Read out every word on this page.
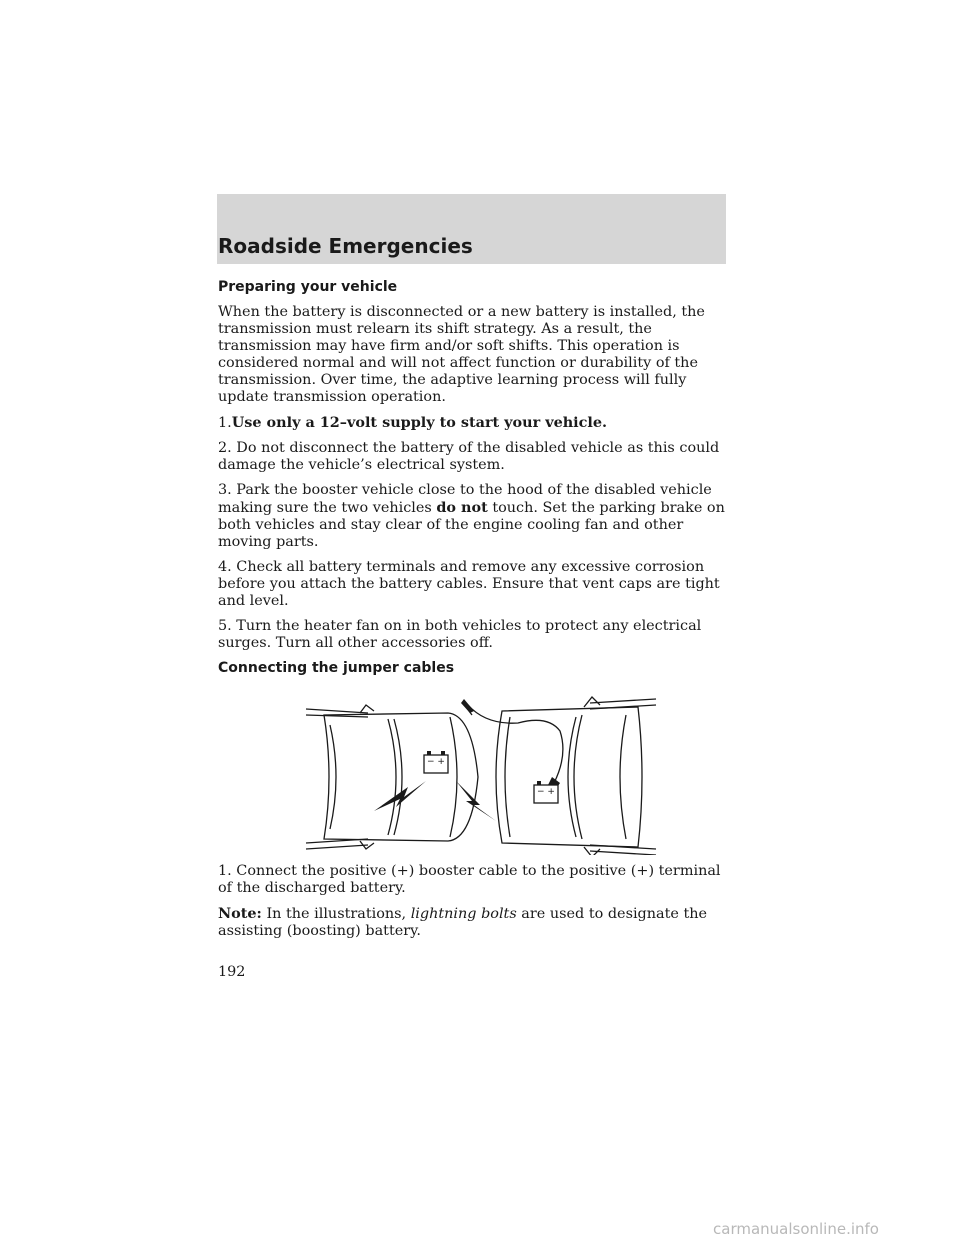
Roadside Emergencies
Preparing your vehicle

When the battery is disconnected or a new battery is installed, the transmission must relearn its shift strategy. As a result, the transmission may have firm and/or soft shifts. This operation is considered normal and will not affect function or durability of the transmission. Over time, the adaptive learning process will fully update transmission operation.

1.Use only a 12–volt supply to start your vehicle.

2. Do not disconnect the battery of the disabled vehicle as this could damage the vehicle’s electrical system.

3. Park the booster vehicle close to the hood of the disabled vehicle making sure the two vehicles do not touch. Set the parking brake on both vehicles and stay clear of the engine cooling fan and other moving parts.

4. Check all battery terminals and remove any excessive corrosion before you attach the battery cables. Ensure that vent caps are tight and level.

5. Turn the heater fan on in both vehicles to protect any electrical surges. Turn all other accessories off.

Connecting the jumper cables
− +
− +

1. Connect the positive (+) booster cable to the positive (+) terminal of the discharged battery.

Note: In the illustrations, lightning bolts are used to designate the assisting (boosting) battery.

192
carmanualsonline.info
